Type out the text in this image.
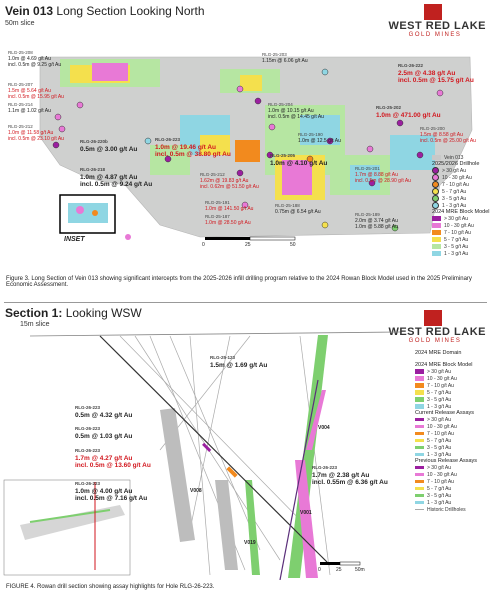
Vein 013 Long Section Looking North
50m slice	WEST RED LAKE
GOLD MINES
0	25	50
INSET
RLG-25-208
1.0m @ 4.69 g/t Au
incl. 0.5m @ 9.25 g/t Au
RLG-25-207
1.5m @ 5.64 g/t Au
incl. 0.5m @ 15.95 g/t Au
RLG-25-214
1.1m @ 1.02 g/t Au
RLG-25-212
1.0m @ 11.58 g/t Au
incl. 0.5m @ 23.10 g/t Au	RLG-26-220b
0.5m @ 3.00 g/t Au
RLG-26-223
1.0m @ 19.46 g/t Au
incl. 0.5m @ 38.80 g/t Au
RLG-25-203
1.15m @ 6.06 g/t Au
RLG-26-222
2.5m @ 4.38 g/t Au
incl. 0.5m @ 15.75 g/t Au
RLG-25-204
1.0m @ 10.15 g/t Au
incl. 0.5m @ 14.45 g/t Au
RLG-25-202
1.0m @ 471.00 g/t Au
RLG-25-190
1.0m @ 12.5 g/t Au
RLG-25-200
1.5m @ 8.58 g/t Au
incl. 0.5m @ 25.00 g/t Au
RLG-25-205
1.0m @ 4.10 g/t Au
RLG-25-201
1.7m @ 8.88 g/t Au
incl. 0.5m @ 28.90 g/t Au
RLG-26-218
1.0m @ 4.87 g/t Au
incl. 0.5m @ 9.24 g/t Au
RLG-25-212
1.62m @ 19.83 g/t Au
incl. 0.62m @ 51.50 g/t Au
RLG-25-191
1.0m @ 141.50 g/t Au
RLG-25-187
1.0m @ 28.50 g/t Au
RLG-25-188
0.75m @ 6.54 g/t Au	RLG-25-189
2.0m @ 3.74 g/t Au
1.0m @ 5.88 g/t Au
Vein 013
2025/2026 Drillhole
> 30 g/t Au
10 - 30 g/t Au
7 - 10 g/t Au
5 - 7 g/t Au
3 - 5 g/t Au
1 - 3 g/t Au
2024 MRE Block Model
> 30 g/t Au
10 - 30 g/t Au
7 - 10 g/t Au
5 - 7 g/t Au
3 - 5 g/t Au
1 - 3 g/t Au
Figure 3. Long Section of Vein 013 showing significant intercepts from the 2025-2026 infill drilling program relative to the 2024 Rowan Block Model used in the 2025 Preliminary Economic Assessment.
Section 1: Looking WSW
15m slice
WEST RED LAKE
GOLD MINES
V004
V008
V019
V001
0	25	50m
RLG-25-123
1.5m @ 1.69 g/t Au
RLG-26-223
0.5m @ 4.32 g/t Au
RLG-26-223
0.5m @ 1.03 g/t Au
RLG-26-223
1.7m @ 4.27 g/t Au
incl. 0.5m @ 13.60 g/t Au
RLG-26-223
1.0m @ 4.00 g/t Au
incl. 0.5m @ 7.16 g/t Au
RLG-26-223
1.7m @ 2.38 g/t Au
incl. 0.55m @ 6.36 g/t Au
2024 MRE Domain
2024 MRE Block Model
> 30 g/t Au
10 - 30 g/t Au
7 - 10 g/t Au
5 - 7 g/t Au
3 - 5 g/t Au
1 - 3 g/t Au
Current Release Assays
> 30 g/t Au
10 - 30 g/t Au
7 - 10 g/t Au
5 - 7 g/t Au
3 - 5 g/t Au
1 - 3 g/t Au
Previous Release Assays
> 30 g/t Au
10 - 30 g/t Au
7 - 10 g/t Au
5 - 7 g/t Au
3 - 5 g/t Au
1 - 3 g/t Au
Historic Drillholes
FIGURE 4. Rowan drill section showing assay highlights for Hole RLG-26-223.
